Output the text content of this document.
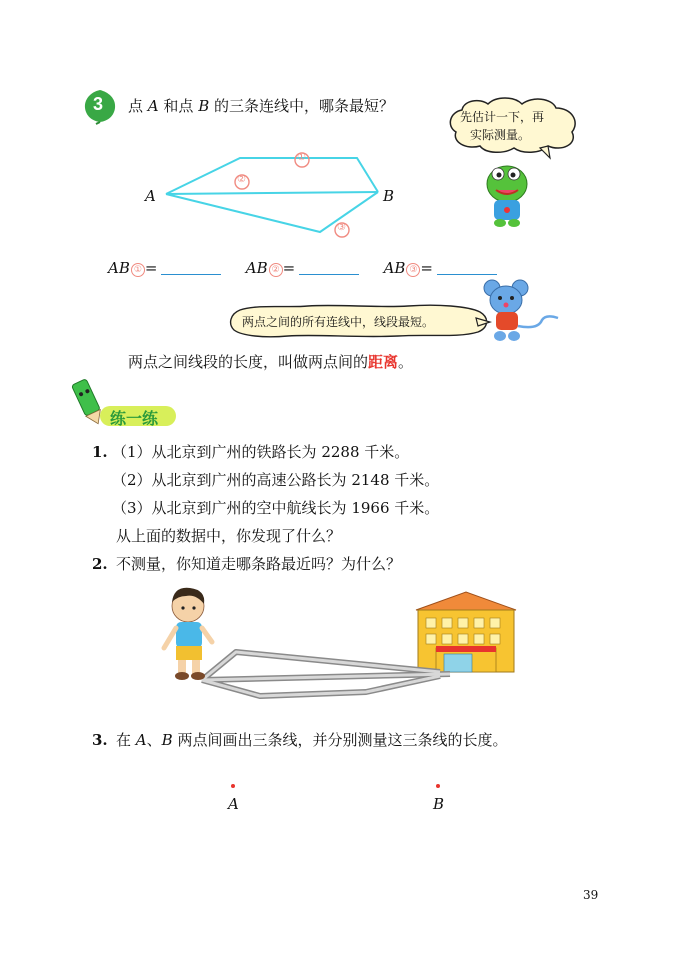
3 点 A 和点 B 的三条连线中，哪条最短？
先估计一下，再
实际测量。
①
②
③
A	B
AB ① =	AB ② =	AB ③ =
两点之间的所有连线中，线段最短。
两点之间线段的长度，叫做两点间的距离。
练一练
1. （1）从北京到广州的铁路长为 2288 千米。
（2）从北京到广州的高速公路长为 2148 千米。
（3）从北京到广州的空中航线长为 1966 千米。
从上面的数据中，你发现了什么？
2. 不测量，你知道走哪条路最近吗？为什么？
3. 在 A、B 两点间画出三条线，并分别测量这三条线的长度。
A	B
39
